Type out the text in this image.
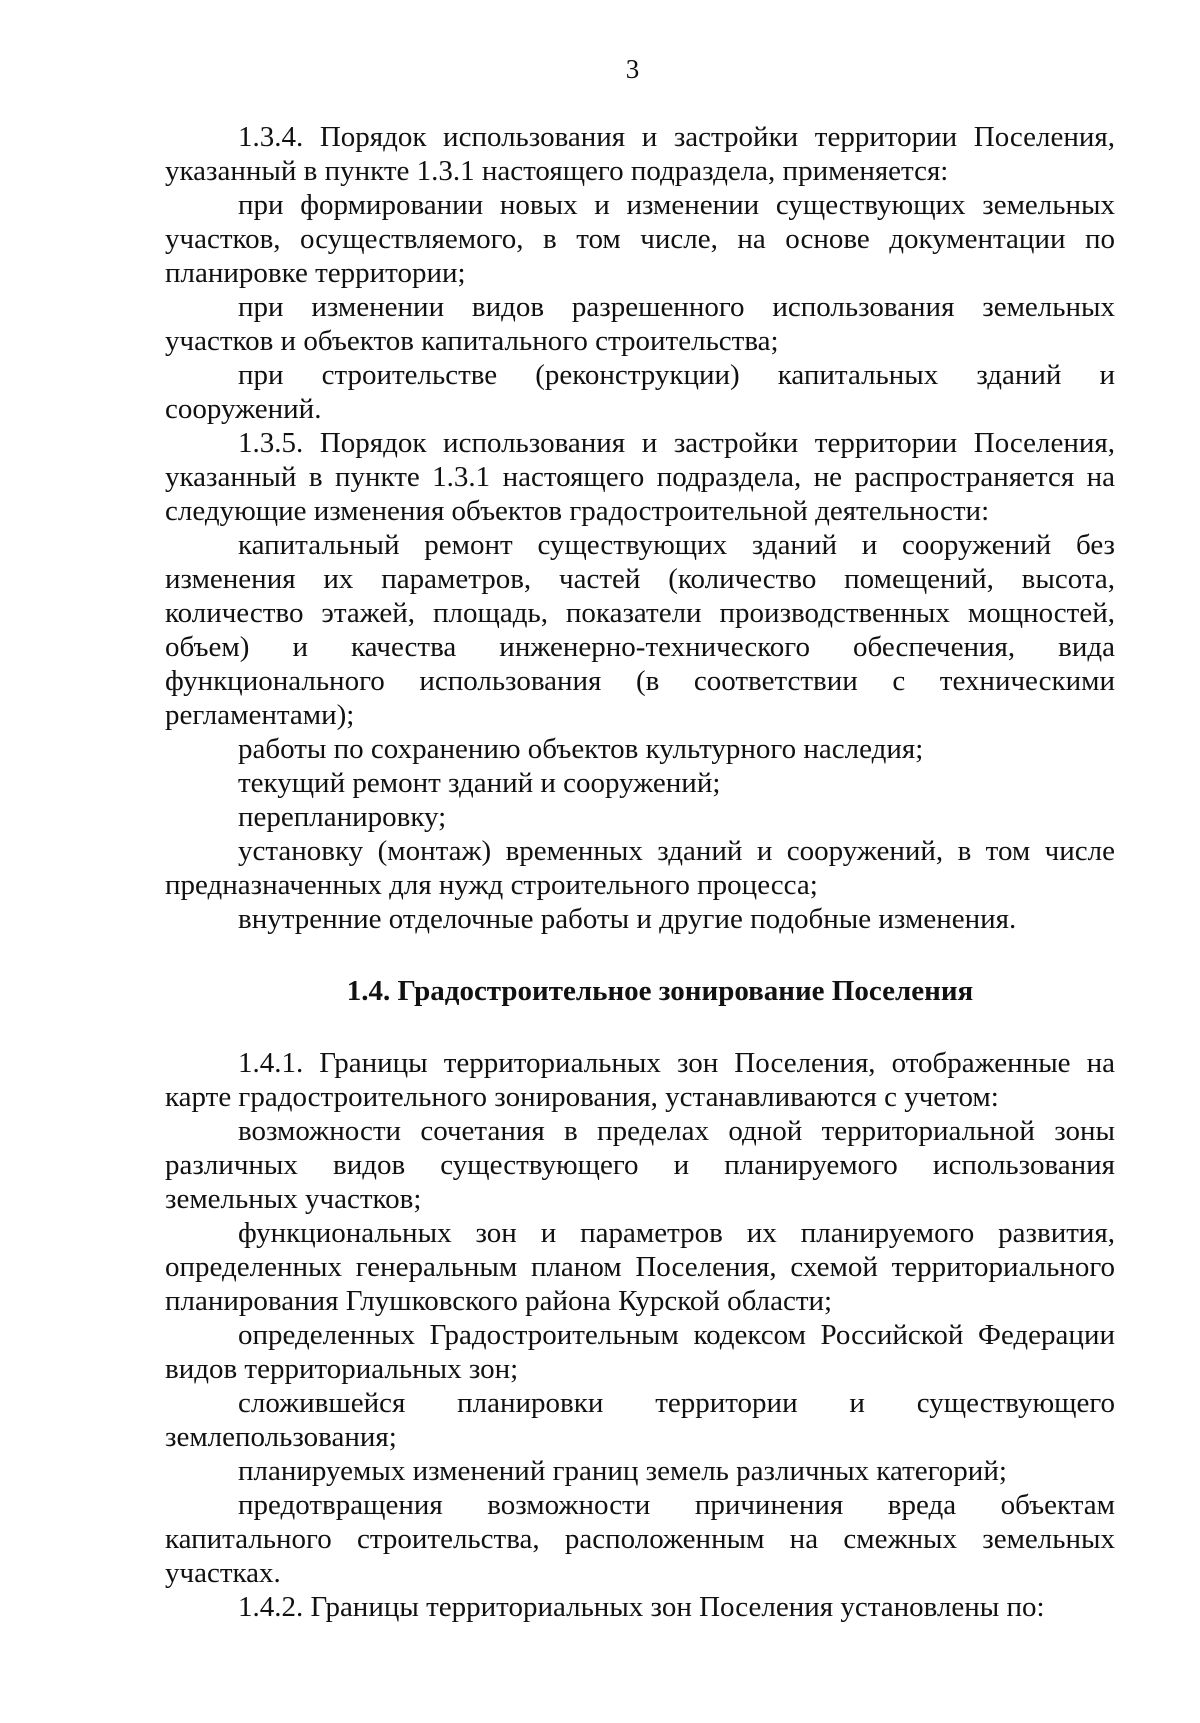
3

1.3.4. Порядок использования и застройки территории Поселения, указанный в пункте 1.3.1 настоящего подраздела, применяется:

при формировании новых и изменении существующих земельных участков, осуществляемого, в том числе, на основе документации по планировке территории;

при изменении видов разрешенного использования земельных участков и объектов капитального строительства;

при строительстве (реконструкции) капитальных зданий и сооружений.

1.3.5. Порядок использования и застройки территории Поселения, указанный в пункте 1.3.1 настоящего подраздела, не распространяется на следующие изменения объектов градостроительной деятельности:

капитальный ремонт существующих зданий и сооружений без изменения их параметров, частей (количество помещений, высота, количество этажей, площадь, показатели производственных мощностей, объем) и качества инженерно-технического обеспечения, вида функционального использования (в соответствии с техническими регламентами);

работы по сохранению объектов культурного наследия;

текущий ремонт зданий и сооружений;

перепланировку;

установку (монтаж) временных зданий и сооружений, в том числе предназначенных для нужд строительного процесса;

внутренние отделочные работы и другие подобные изменения.

1.4. Градостроительное зонирование Поселения

1.4.1. Границы территориальных зон Поселения, отображенные на карте градостроительного зонирования, устанавливаются с учетом:

возможности сочетания в пределах одной территориальной зоны различных видов существующего и планируемого использования земельных участков;

функциональных зон и параметров их планируемого развития, определенных генеральным планом Поселения, схемой территориального планирования Глушковского района Курской области;

определенных Градостроительным кодексом Российской Федерации видов территориальных зон;

сложившейся планировки территории и существующего землепользования;

планируемых изменений границ земель различных категорий;

предотвращения возможности причинения вреда объектам капитального строительства, расположенным на смежных земельных участках.

1.4.2. Границы территориальных зон Поселения установлены по:
